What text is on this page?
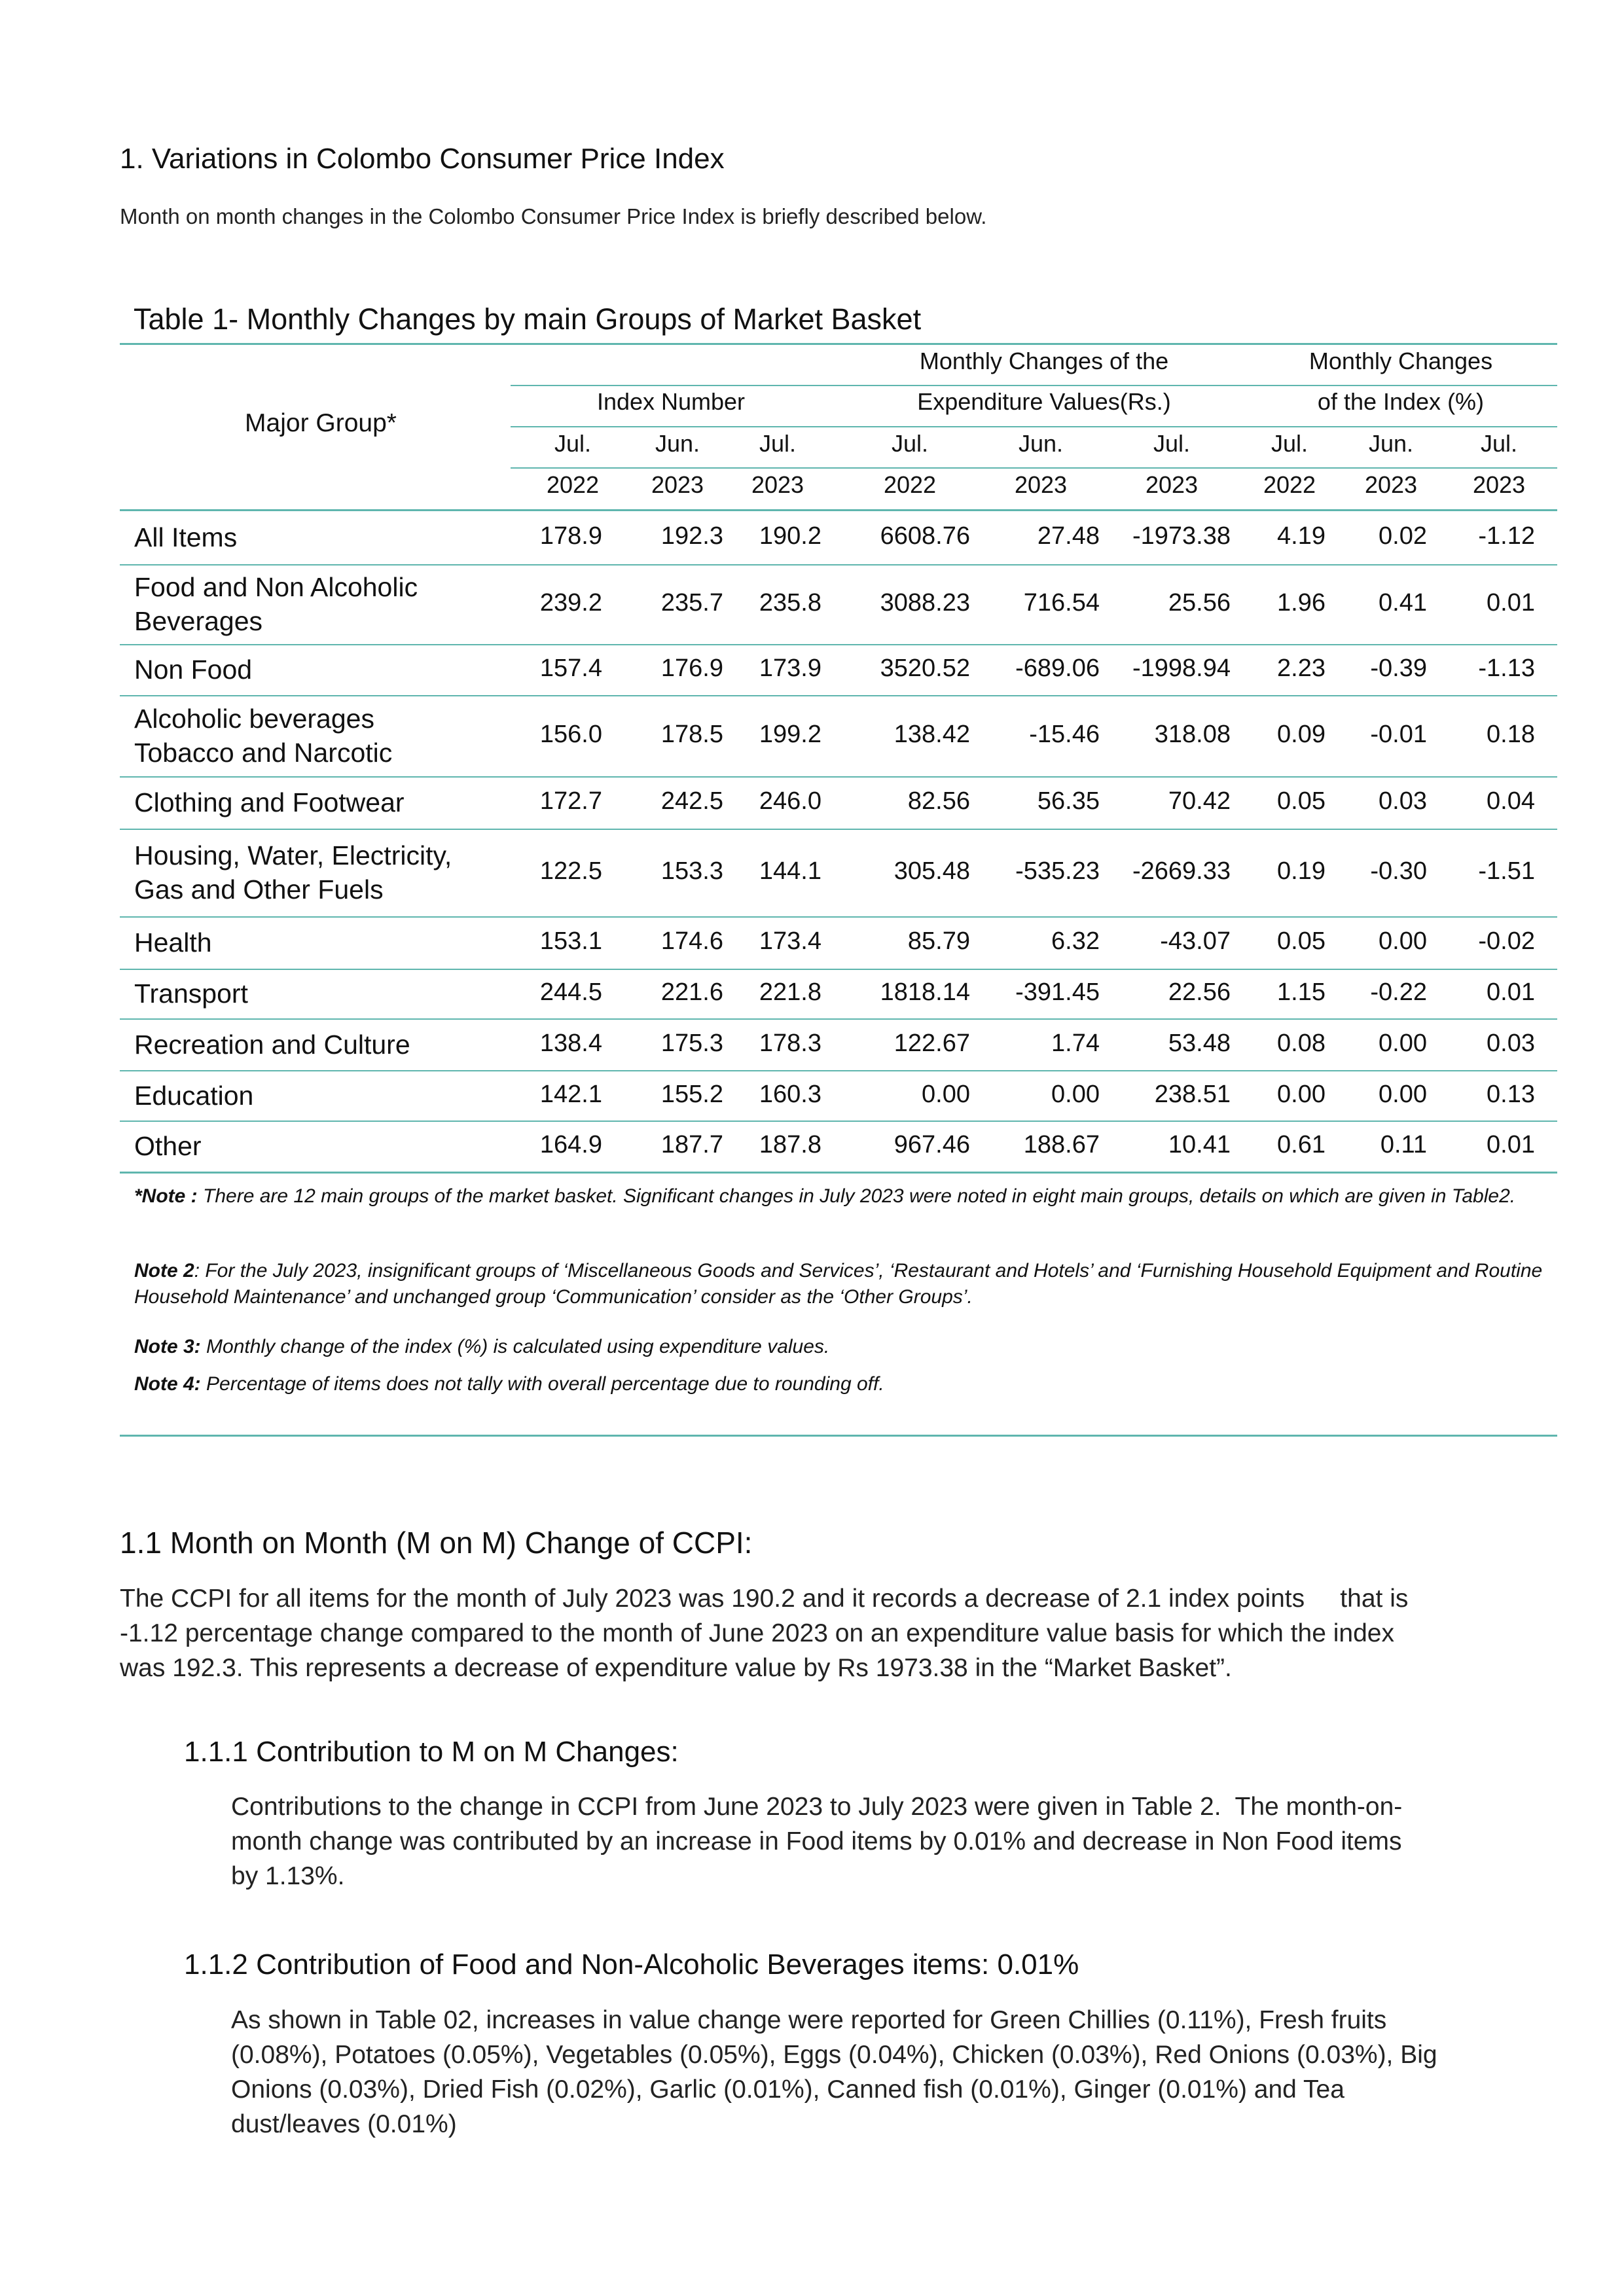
1. Variations in Colombo Consumer Price Index
Month on month changes in the Colombo Consumer Price Index is briefly described below.
Table 1- Monthly Changes by main Groups of Market Basket
Major Group*
Index Number
Monthly Changes of the
Expenditure Values(Rs.)
Monthly Changes
of the Index (%)
Jul.	Jun.	Jul.	Jul.	Jun.	Jul.	Jul.	Jun.	Jul.
2022	2023	2023	2022	2023	2023	2022	2023	2023
All Items	178.9	192.3	190.2	6608.76	27.48	-1973.38	4.19	0.02	-1.12
Food and Non Alcoholic
Beverages
239.2	235.7	235.8	3088.23	716.54	25.56	1.96	0.41	0.01
Non Food	157.4	176.9	173.9	3520.52	-689.06	-1998.94	2.23	-0.39	-1.13
Alcoholic beverages
Tobacco and Narcotic
156.0	178.5	199.2	138.42	-15.46	318.08	0.09	-0.01	0.18
Clothing and Footwear	172.7	242.5	246.0	82.56	56.35	70.42	0.05	0.03	0.04
Housing, Water, Electricity,
Gas and Other Fuels
122.5	153.3	144.1	305.48	-535.23	-2669.33	0.19	-0.30	-1.51
Health	153.1	174.6	173.4	85.79	6.32	-43.07	0.05	0.00	-0.02
Transport	244.5	221.6	221.8	1818.14	-391.45	22.56	1.15	-0.22	0.01
Recreation and Culture	138.4	175.3	178.3	122.67	1.74	53.48	0.08	0.00	0.03
Education	142.1	155.2	160.3	0.00	0.00	238.51	0.00	0.00	0.13
Other	164.9	187.7	187.8	967.46	188.67	10.41	0.61	0.11	0.01
*Note : There are 12 main groups of the market basket. Significant changes in July 2023 were noted in eight main groups, details on which are given in Table2.
Note 2: For the July 2023, insignificant groups of ‘Miscellaneous Goods and Services’, ‘Restaurant and Hotels’ and ‘Furnishing Household Equipment and Routine Household Maintenance’ and unchanged group ‘Communication’ consider as the ‘Other Groups’.
Note 3: Monthly change of the index (%) is calculated using expenditure values.
Note 4: Percentage of items does not tally with overall percentage due to rounding off.
1.1 Month on Month (M on M) Change of CCPI:
The CCPI for all items for the month of July 2023 was 190.2 and it records a decrease of 2.1 index points     that is
-1.12 percentage change compared to the month of June 2023 on an expenditure value basis for which the index
was 192.3. This represents a decrease of expenditure value by Rs 1973.38 in the “Market Basket”.
1.1.1 Contribution to M on M Changes:
Contributions to the change in CCPI from June 2023 to July 2023 were given in Table 2.  The month-on-
month change was contributed by an increase in Food items by 0.01% and decrease in Non Food items
by 1.13%.
1.1.2 Contribution of Food and Non-Alcoholic Beverages items: 0.01%
As shown in Table 02, increases in value change were reported for Green Chillies (0.11%), Fresh fruits
(0.08%), Potatoes (0.05%), Vegetables (0.05%), Eggs (0.04%), Chicken (0.03%), Red Onions (0.03%), Big
Onions (0.03%), Dried Fish (0.02%), Garlic (0.01%), Canned fish (0.01%), Ginger (0.01%) and Tea
dust/leaves (0.01%)
